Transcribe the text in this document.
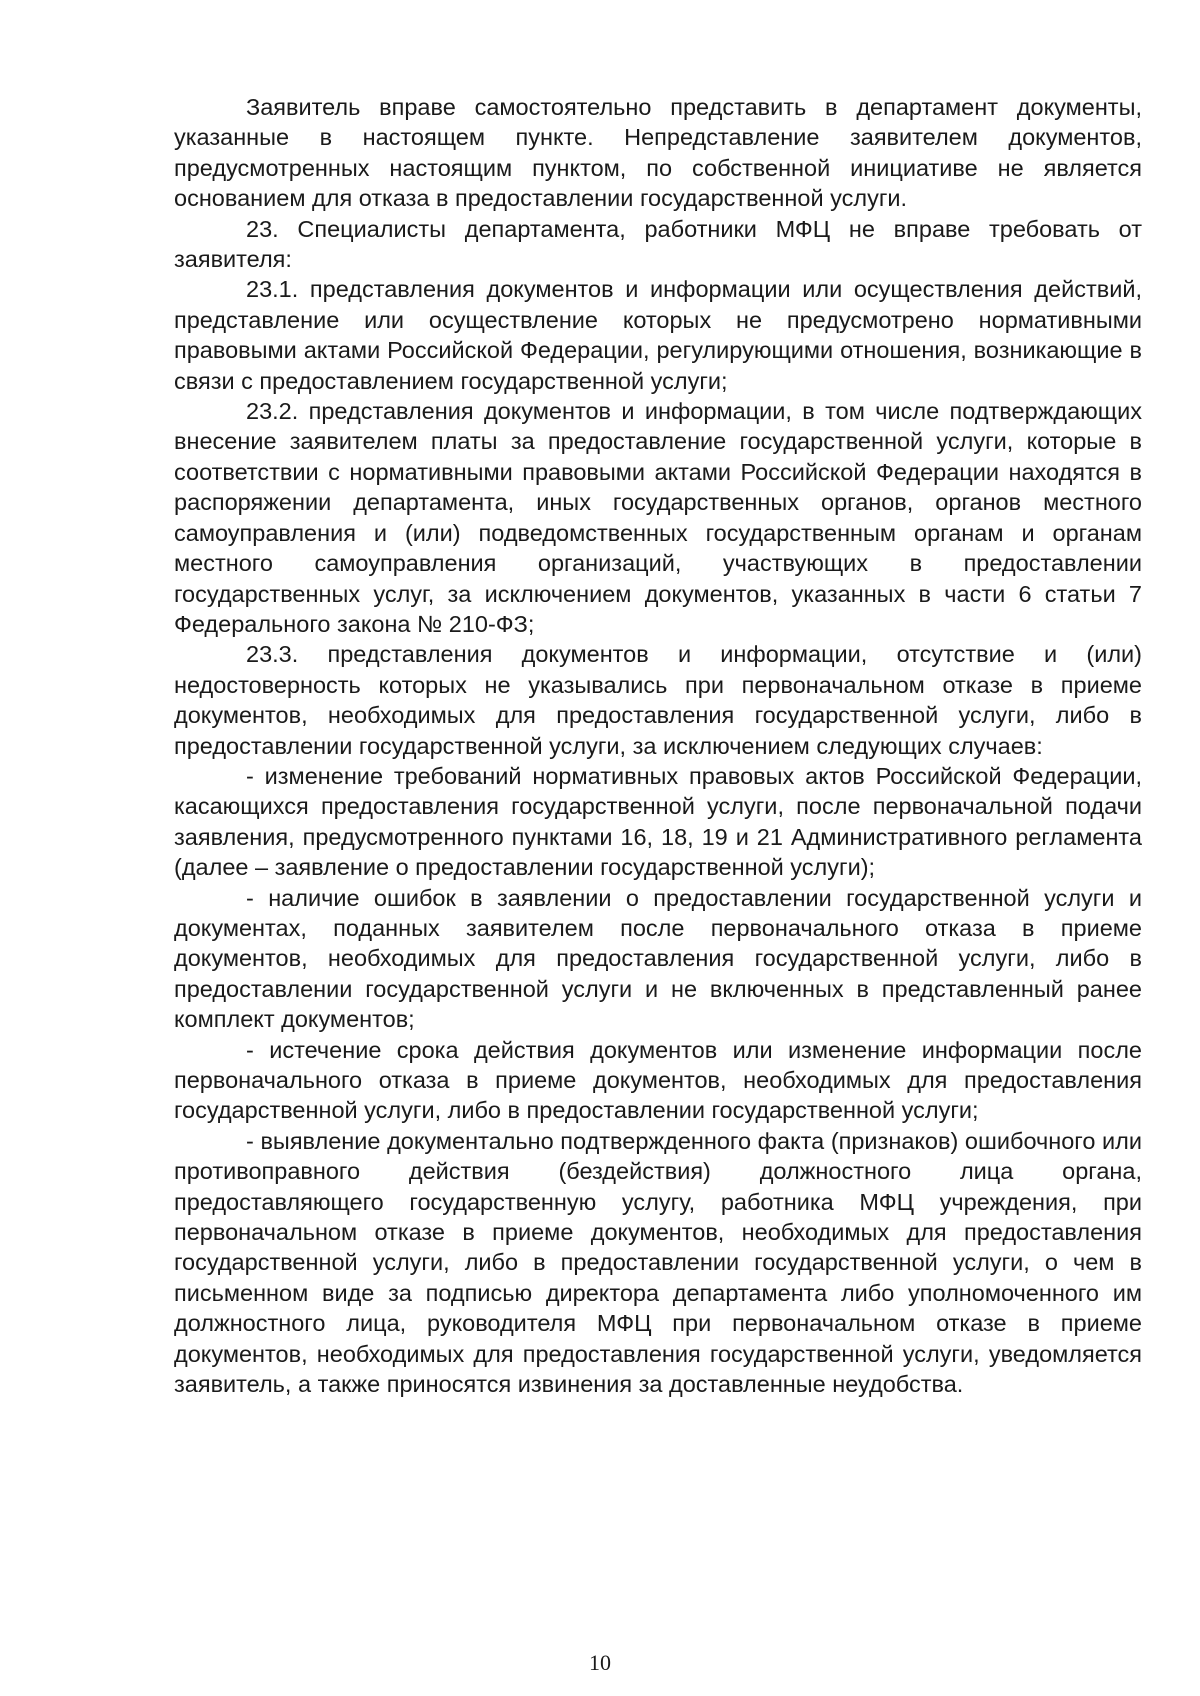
Заявитель вправе самостоятельно представить в департамент документы, указанные в настоящем пункте. Непредставление заявителем документов, предусмотренных настоящим пунктом, по собственной инициативе не является основанием для отказа в предоставлении государственной услуги.

23. Специалисты департамента, работники МФЦ не вправе требовать от заявителя:

23.1. представления документов и информации или осуществления действий, представление или осуществление которых не предусмотрено нормативными правовыми актами Российской Федерации, регулирующими отношения, возникающие в связи с предоставлением государственной услуги;

23.2. представления документов и информации, в том числе подтверждающих внесение заявителем платы за предоставление государственной услуги, которые в соответствии с нормативными правовыми актами Российской Федерации находятся в распоряжении департамента, иных государственных органов, органов местного самоуправления и (или) подведомственных государственным органам и органам местного самоуправления организаций, участвующих в предоставлении государственных услуг, за исключением документов, указанных в части 6 статьи 7 Федерального закона № 210-ФЗ;

23.3. представления документов и информации, отсутствие и (или) недостоверность которых не указывались при первоначальном отказе в приеме документов, необходимых для предоставления государственной услуги, либо в предоставлении государственной услуги, за исключением следующих случаев:

- изменение требований нормативных правовых актов Российской Федерации, касающихся предоставления государственной услуги, после первоначальной подачи заявления, предусмотренного пунктами 16, 18, 19 и 21 Административного регламента (далее – заявление о предоставлении государственной услуги);

- наличие ошибок в заявлении о предоставлении государственной услуги и документах, поданных заявителем после первоначального отказа в приеме документов, необходимых для предоставления государственной услуги, либо в предоставлении государственной услуги и не включенных в представленный ранее комплект документов;

- истечение срока действия документов или изменение информации после первоначального отказа в приеме документов, необходимых для предоставления государственной услуги, либо в предоставлении государственной услуги;

- выявление документально подтвержденного факта (признаков) ошибочного или противоправного действия (бездействия) должностного лица органа, предоставляющего государственную услугу, работника МФЦ учреждения, при первоначальном отказе в приеме документов, необходимых для предоставления государственной услуги, либо в предоставлении государственной услуги, о чем в письменном виде за подписью директора департамента либо уполномоченного им должностного лица, руководителя МФЦ при первоначальном отказе в приеме документов, необходимых для предоставления государственной услуги, уведомляется заявитель, а также приносятся извинения за доставленные неудобства.

10
